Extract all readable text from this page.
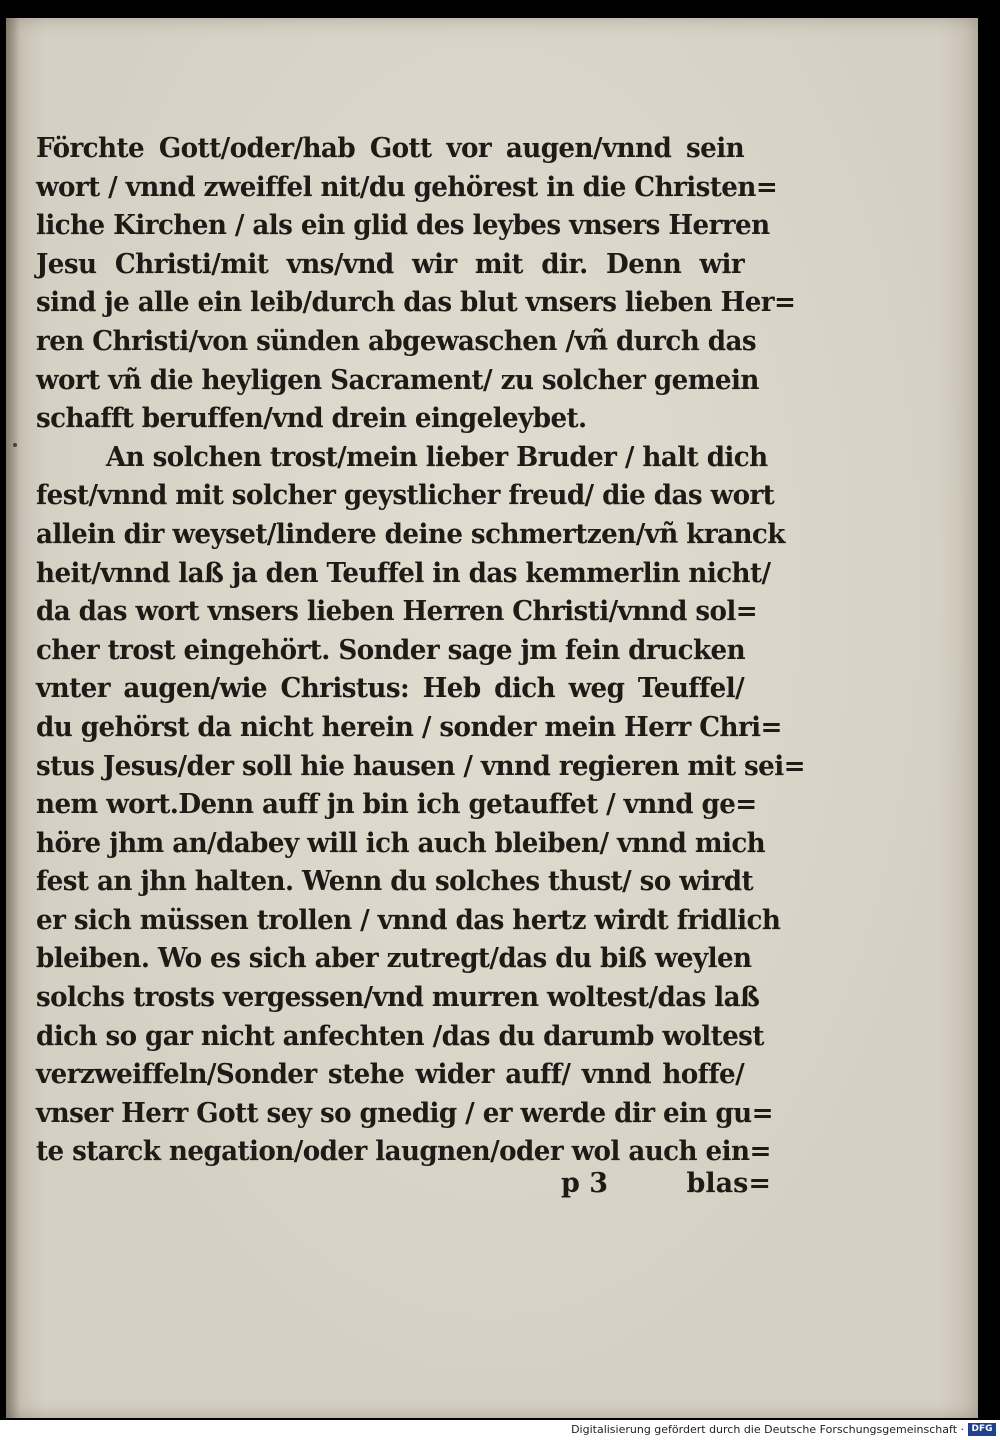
Förchte Gott/oder/hab Gott vor augen/vnnd sein
wort / vnnd zweiffel nit/du gehörest in die Christen=
liche Kirchen / als ein glid des leybes vnsers Herren
Jesu Christi/mit vns/vnd wir mit dir. Denn wir
sind je alle ein leib/durch das blut vnsers lieben Her=
ren Christi/von sünden abgewaschen /vñ durch das
wort vñ die heyligen Sacrament/ zu solcher gemein
schafft beruffen/vnd drein eingeleybet.
An solchen trost/mein lieber Bruder / halt dich
fest/vnnd mit solcher geystlicher freud/ die das wort
allein dir weyset/lindere deine schmertzen/vñ kranck
heit/vnnd laß ja den Teuffel in das kemmerlin nicht/
da das wort vnsers lieben Herren Christi/vnnd sol=
cher trost eingehört. Sonder sage jm fein drucken
vnter augen/wie Christus: Heb dich weg Teuffel/
du gehörst da nicht herein / sonder mein Herr Chri=
stus Jesus/der soll hie hausen / vnnd regieren mit sei=
nem wort.Denn auff jn bin ich getauffet / vnnd ge=
höre jhm an/dabey will ich auch bleiben/ vnnd mich
fest an jhn halten. Wenn du solches thust/ so wirdt
er sich müssen trollen / vnnd das hertz wirdt fridlich
bleiben. Wo es sich aber zutregt/das du biß weylen
solchs trosts vergessen/vnd murren woltest/das laß
dich so gar nicht anfechten /das du darumb woltest
verzweiffeln/Sonder stehe wider auff/ vnnd hoffe/
vnser Herr Gott sey so gnedig / er werde dir ein gu=
te starck negation/oder laugnen/oder wol auch ein=
p 3	blas=
Digitalisierung gefördert durch die Deutsche Forschungsgemeinschaft · DFG
